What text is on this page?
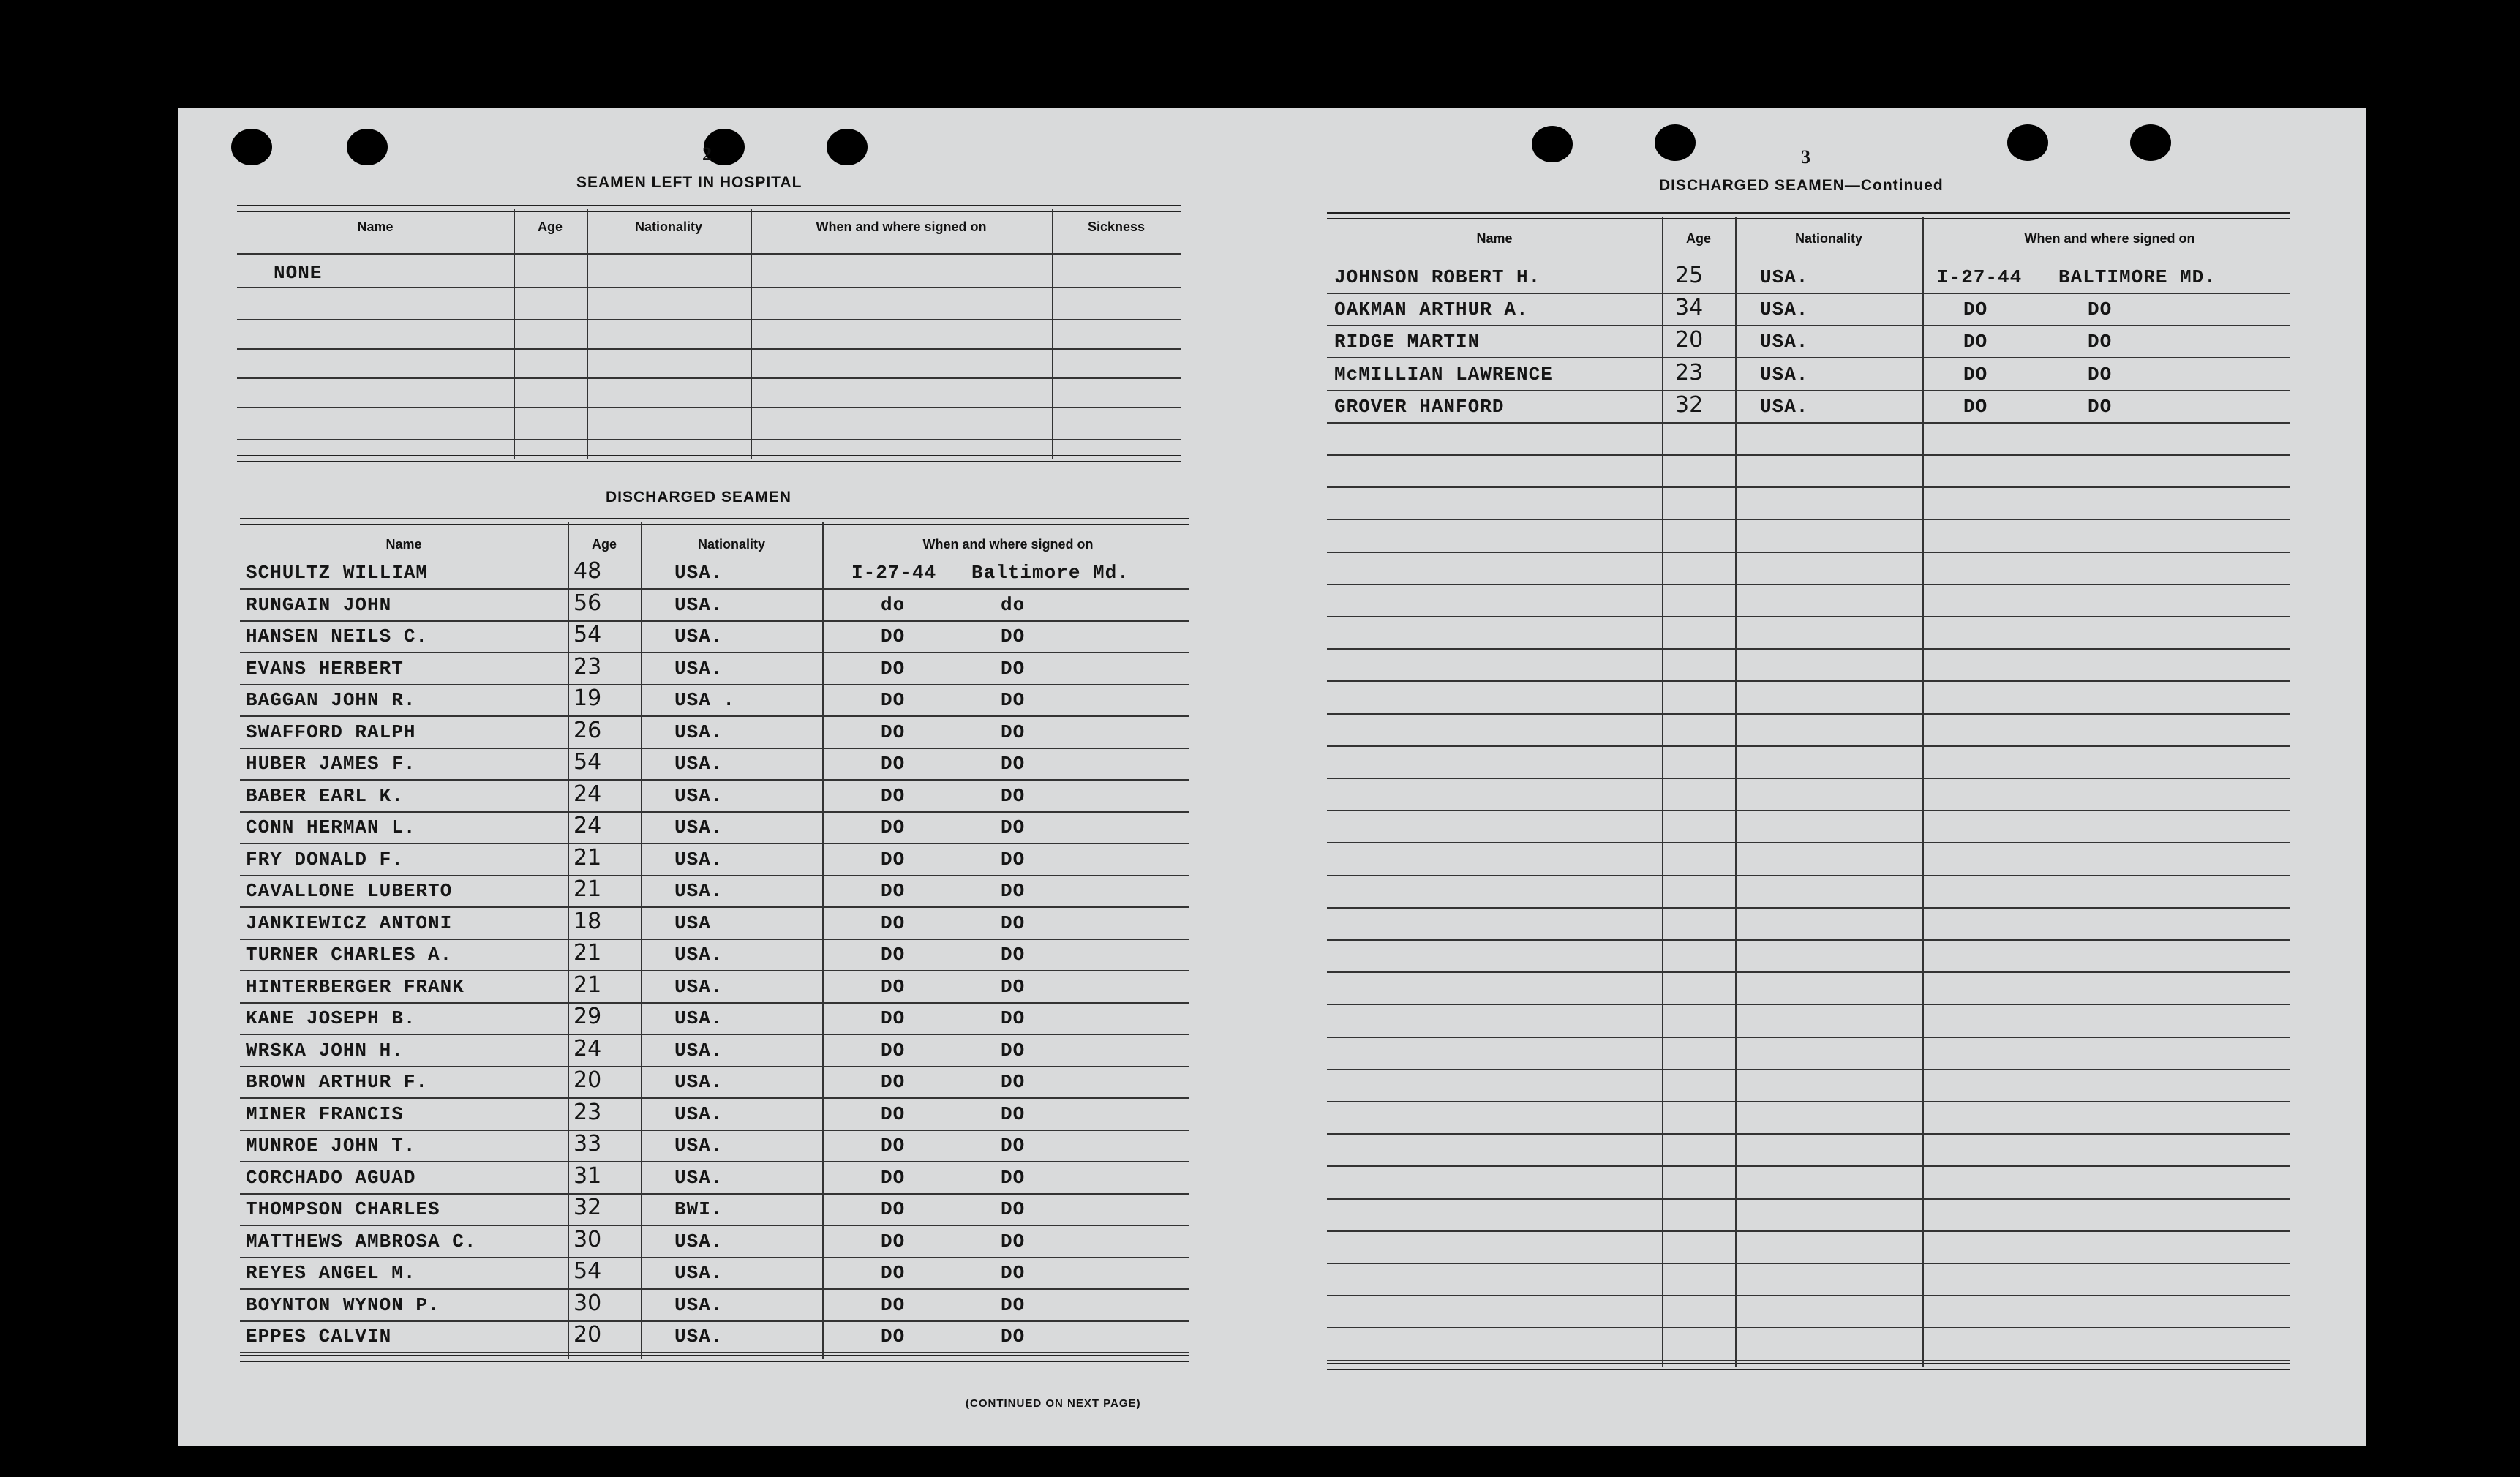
2
SEAMEN LEFT IN HOSPITAL
Name	Age	Nationality	When and where signed on	Sickness
NONE
DISCHARGED SEAMEN
Name	Age	Nationality	When and where signed on
SCHULTZ WILLIAM	48	USA.	I-27-44 Baltimore Md.
RUNGAIN JOHN	56	USA.	do	do
HANSEN NEILS C.	54	USA.	DO	DO
EVANS HERBERT	23	USA.	DO	DO
BAGGAN JOHN R.	19	USA .	DO	DO
SWAFFORD RALPH	26	USA.	DO	DO
HUBER JAMES F.	54	USA.	DO	DO
BABER EARL K.	24	USA.	DO	DO
CONN HERMAN L.	24	USA.	DO	DO
FRY DONALD F.	21	USA.	DO	DO
CAVALLONE LUBERTO	21	USA.	DO	DO
JANKIEWICZ ANTONI	18	USA	DO	DO
TURNER CHARLES A.	21	USA.	DO	DO
HINTERBERGER FRANK	21	USA.	DO	DO
KANE JOSEPH B.	29	USA.	DO	DO
WRSKA JOHN H.	24	USA.	DO	DO
BROWN ARTHUR F.	20	USA.	DO	DO
MINER FRANCIS	23	USA.	DO	DO
MUNROE JOHN T.	33	USA.	DO	DO
CORCHADO AGUAD	31	USA.	DO	DO
THOMPSON CHARLES	32	BWI.	DO	DO
MATTHEWS AMBROSA C.	30	USA.	DO	DO
REYES ANGEL M.	54	USA.	DO	DO
BOYNTON WYNON P.	30	USA.	DO	DO
EPPES CALVIN	20	USA.	DO	DO
(CONTINUED ON NEXT PAGE)
3
DISCHARGED SEAMEN—Continued
Name	Age	Nationality	When and where signed on
JOHNSON ROBERT H.	25	USA.	I-27-44 BALTIMORE MD.
OAKMAN ARTHUR A.	34	USA.	DO	DO
RIDGE MARTIN	20	USA.	DO	DO
McMILLIAN LAWRENCE	23	USA.	DO	DO
GROVER HANFORD	32	USA.	DO	DO
